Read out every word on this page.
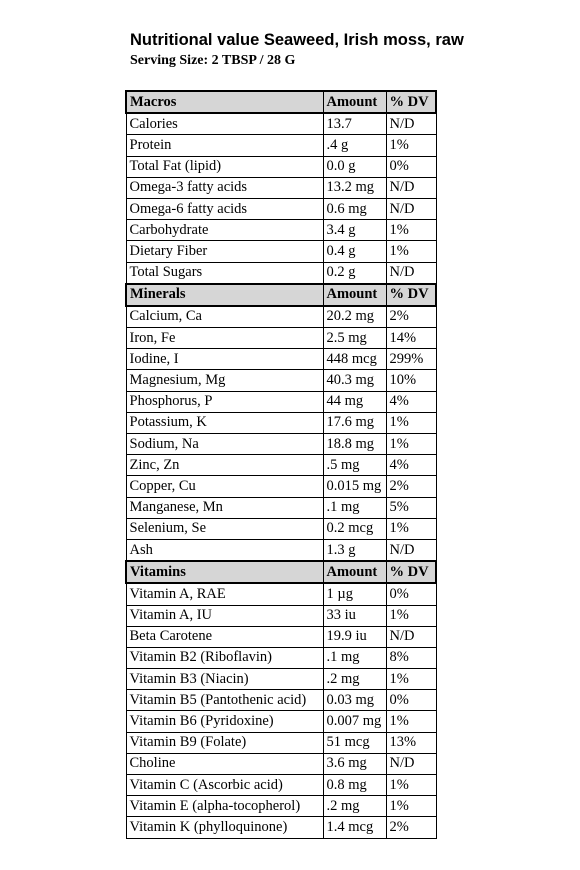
Nutritional value Seaweed, Irish moss, raw
Serving Size: 2 TBSP / 28 G
Macros	Amount	% DV
Calories	13.7	N/D
Protein	.4 g	1%
Total Fat (lipid)	0.0 g	0%
Omega-3 fatty acids	13.2 mg	N/D
Omega-6 fatty acids	0.6 mg	N/D
Carbohydrate	3.4 g	1%
Dietary Fiber	0.4 g	1%
Total Sugars	0.2 g	N/D
Minerals	Amount	% DV
Calcium, Ca	20.2 mg	2%
Iron, Fe	2.5 mg	14%
Iodine, I	448 mcg	299%
Magnesium, Mg	40.3 mg	10%
Phosphorus, P	44 mg	4%
Potassium, K	17.6 mg	1%
Sodium, Na	18.8 mg	1%
Zinc, Zn	.5 mg	4%
Copper, Cu	0.015 mg	2%
Manganese, Mn	.1 mg	5%
Selenium, Se	0.2 mcg	1%
Ash	1.3 g	N/D
Vitamins	Amount	% DV
Vitamin A, RAE	1 µg	0%
Vitamin A, IU	33 iu	1%
Beta Carotene	19.9 iu	N/D
Vitamin B2 (Riboflavin)	.1 mg	8%
Vitamin B3 (Niacin)	.2 mg	1%
Vitamin B5 (Pantothenic acid)	0.03 mg	0%
Vitamin B6 (Pyridoxine)	0.007 mg	1%
Vitamin B9 (Folate)	51 mcg	13%
Choline	3.6 mg	N/D
Vitamin C (Ascorbic acid)	0.8 mg	1%
Vitamin E (alpha-tocopherol)	.2 mg	1%
Vitamin K (phylloquinone)	1.4 mcg	2%
